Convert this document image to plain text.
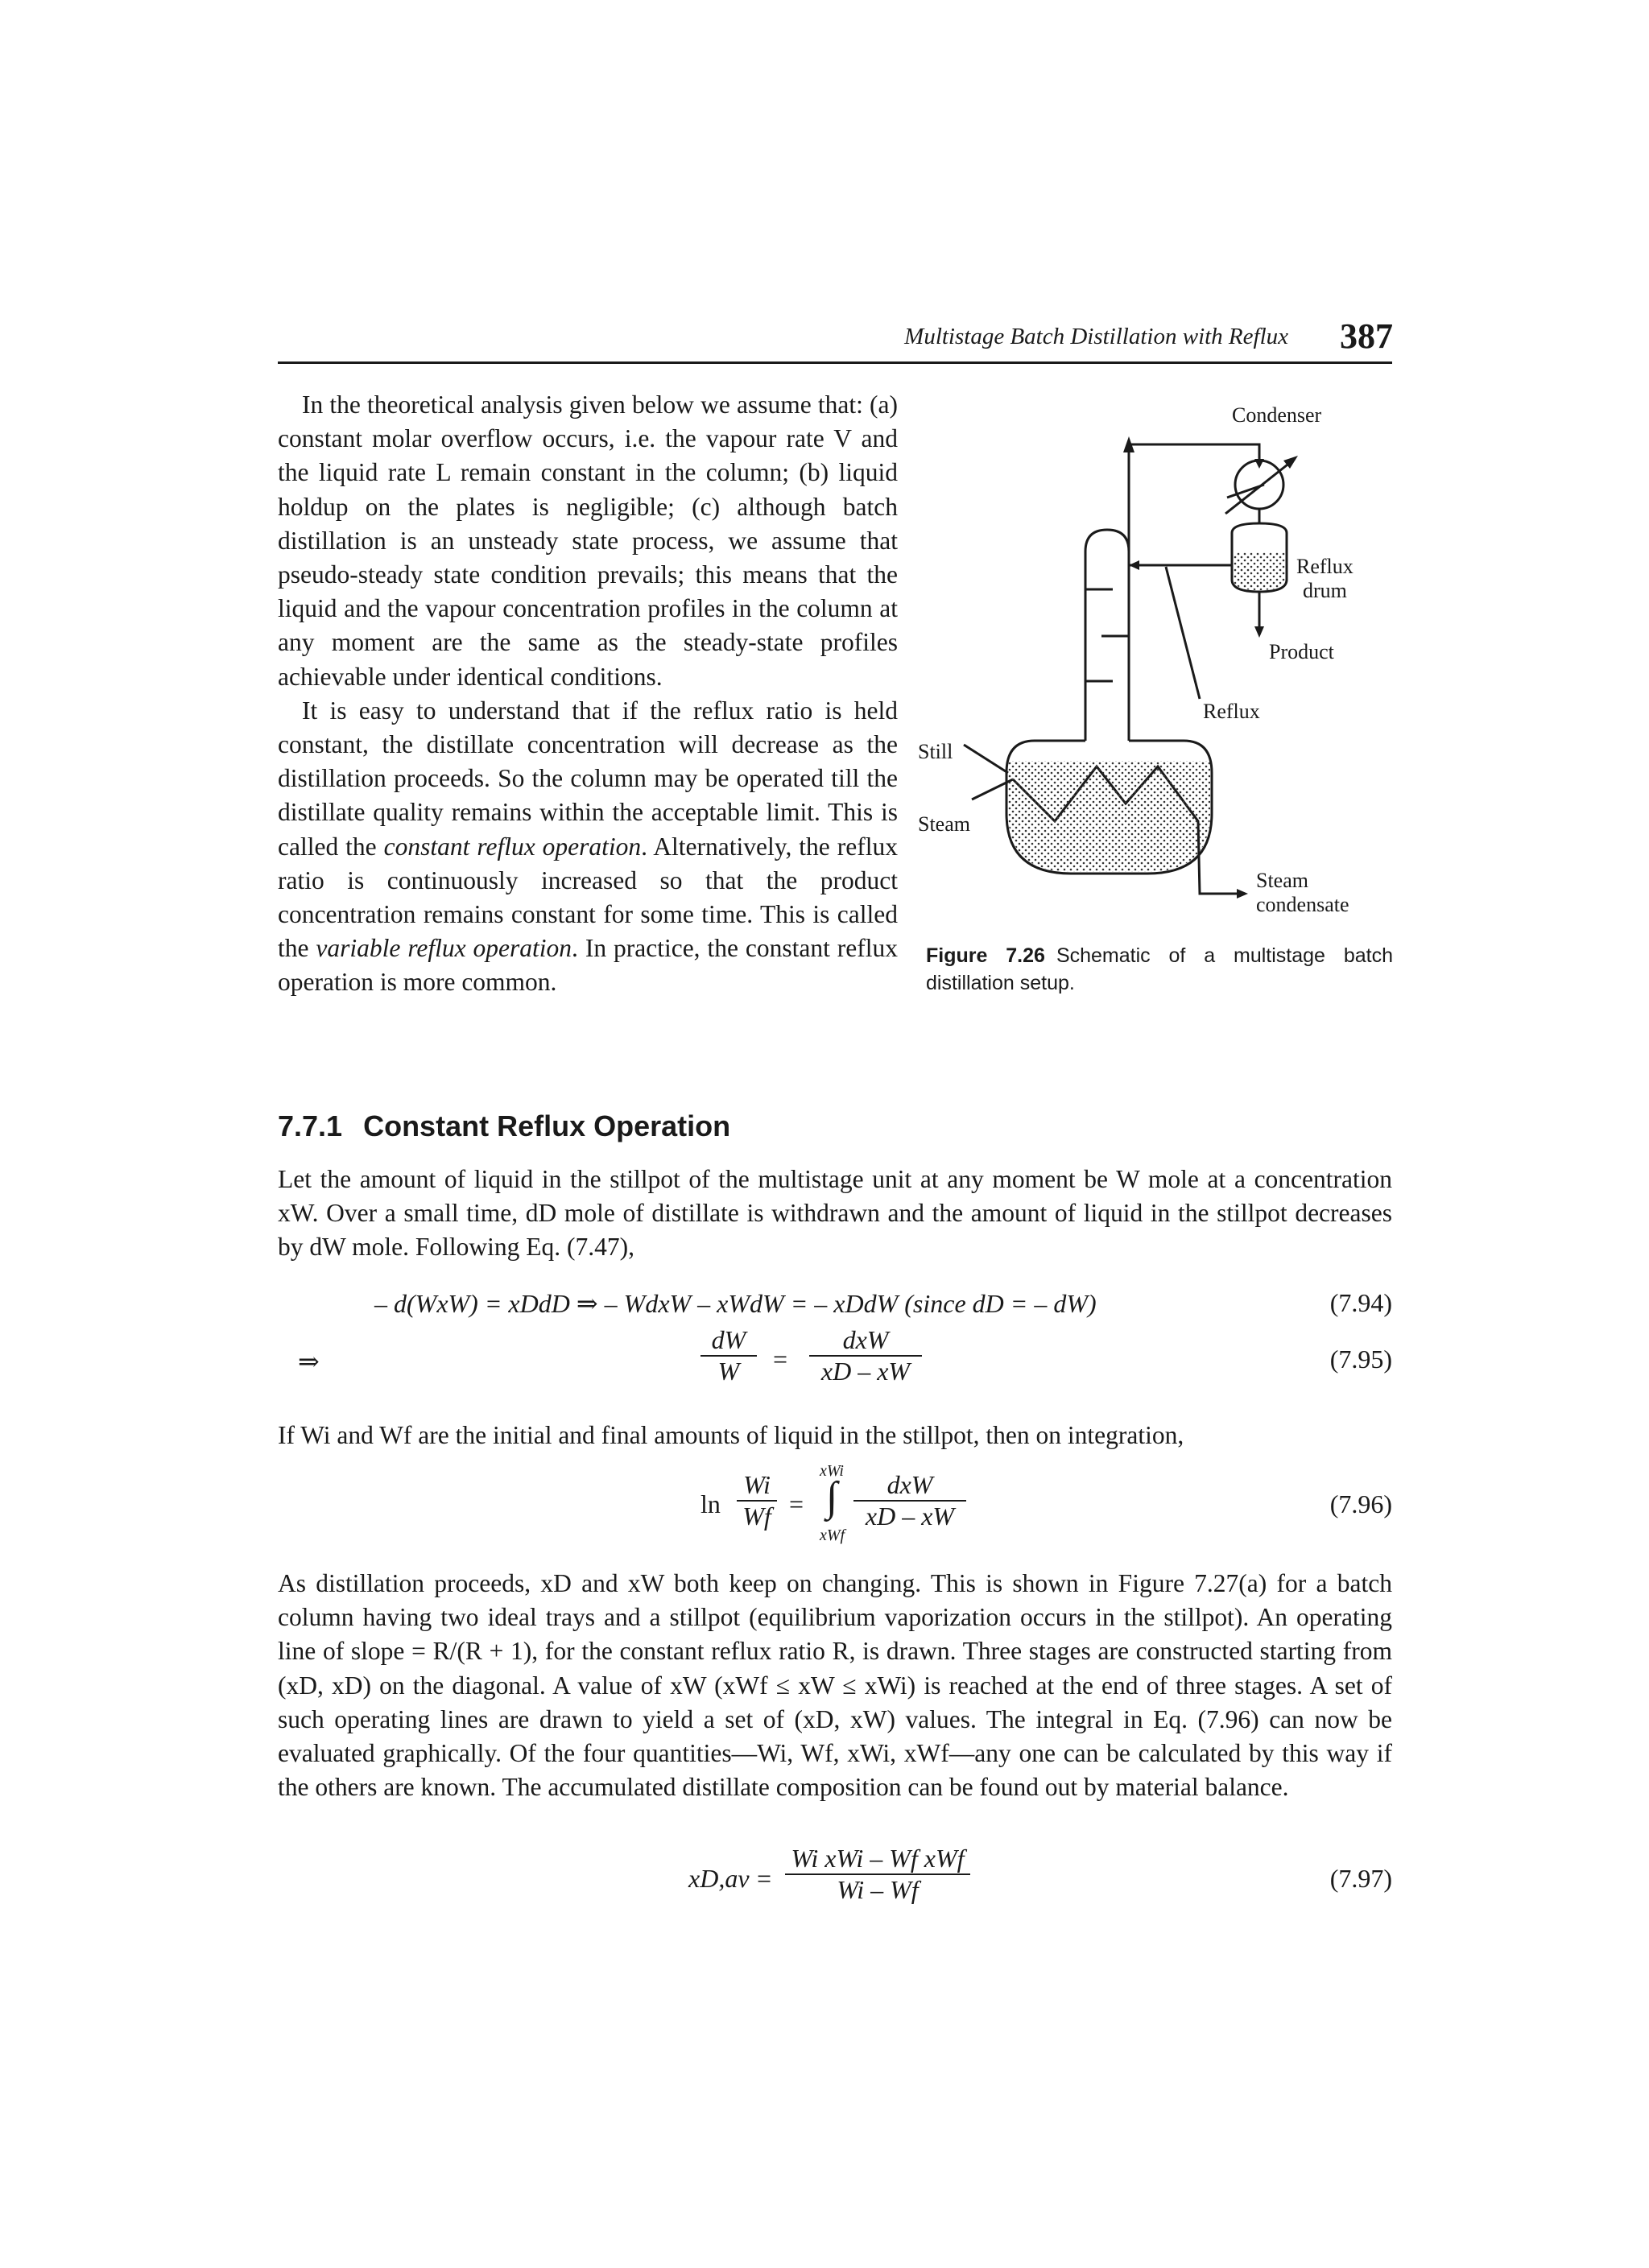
Multistage Batch Distillation with Reflux 387

In the theoretical analysis given below we assume that: (a) constant molar overflow occurs, i.e. the vapour rate V and the liquid rate L remain constant in the column; (b) liquid holdup on the plates is negligible; (c) although batch distillation is an unsteady state process, we assume that pseudo-steady state condition prevails; this means that the liquid and the vapour concentration profiles in the column at any moment are the same as the steady-state profiles achievable under identical conditions.

It is easy to understand that if the reflux ratio is held constant, the distillate concentration will decrease as the distillation proceeds. So the column may be operated till the distillate quality remains within the acceptable limit. This is called the constant reflux operation. Alternatively, the reflux ratio is continuously increased so that the product concentration remains constant for some time. This is called the variable reflux operation. In practice, the constant reflux operation is more common.

Condenser
Reflux
drum
Product
Reflux
Still
Steam
Steam
condensate
Figure 7.26 Schematic of a multistage batch distillation setup.
7.7.1 Constant Reflux Operation

Let the amount of liquid in the stillpot of the multistage unit at any moment be W mole at a concentration xW. Over a small time, dD mole of distillate is withdrawn and the amount of liquid in the stillpot decreases by dW mole. Following Eq. (7.47),

– d(WxW) = xDdD ⇒ – WdxW – xWdW = – xDdW (since dD = – dW)	(7.94)
⇒
dW
W	=
dxW
xD – xW	(7.95)

If Wi and Wf are the initial and final amounts of liquid in the stillpot, then on integration,

ln
Wi
Wf =
xWi
∫
xWf
dxW
xD – xW	(7.96)

As distillation proceeds, xD and xW both keep on changing. This is shown in Figure 7.27(a) for a batch column having two ideal trays and a stillpot (equilibrium vaporization occurs in the stillpot). An operating line of slope = R/(R + 1), for the constant reflux ratio R, is drawn. Three stages are constructed starting from (xD, xD) on the diagonal. A value of xW (xWf ≤ xW ≤ xWi) is reached at the end of three stages. A set of such operating lines are drawn to yield a set of (xD, xW) values. The integral in Eq. (7.96) can now be evaluated graphically. Of the four quantities—Wi, Wf, xWi, xWf—any one can be calculated by this way if the others are known. The accumulated distillate composition can be found out by material balance.

xD,av =
Wi xWi – Wf xWf
Wi – Wf	(7.97)
